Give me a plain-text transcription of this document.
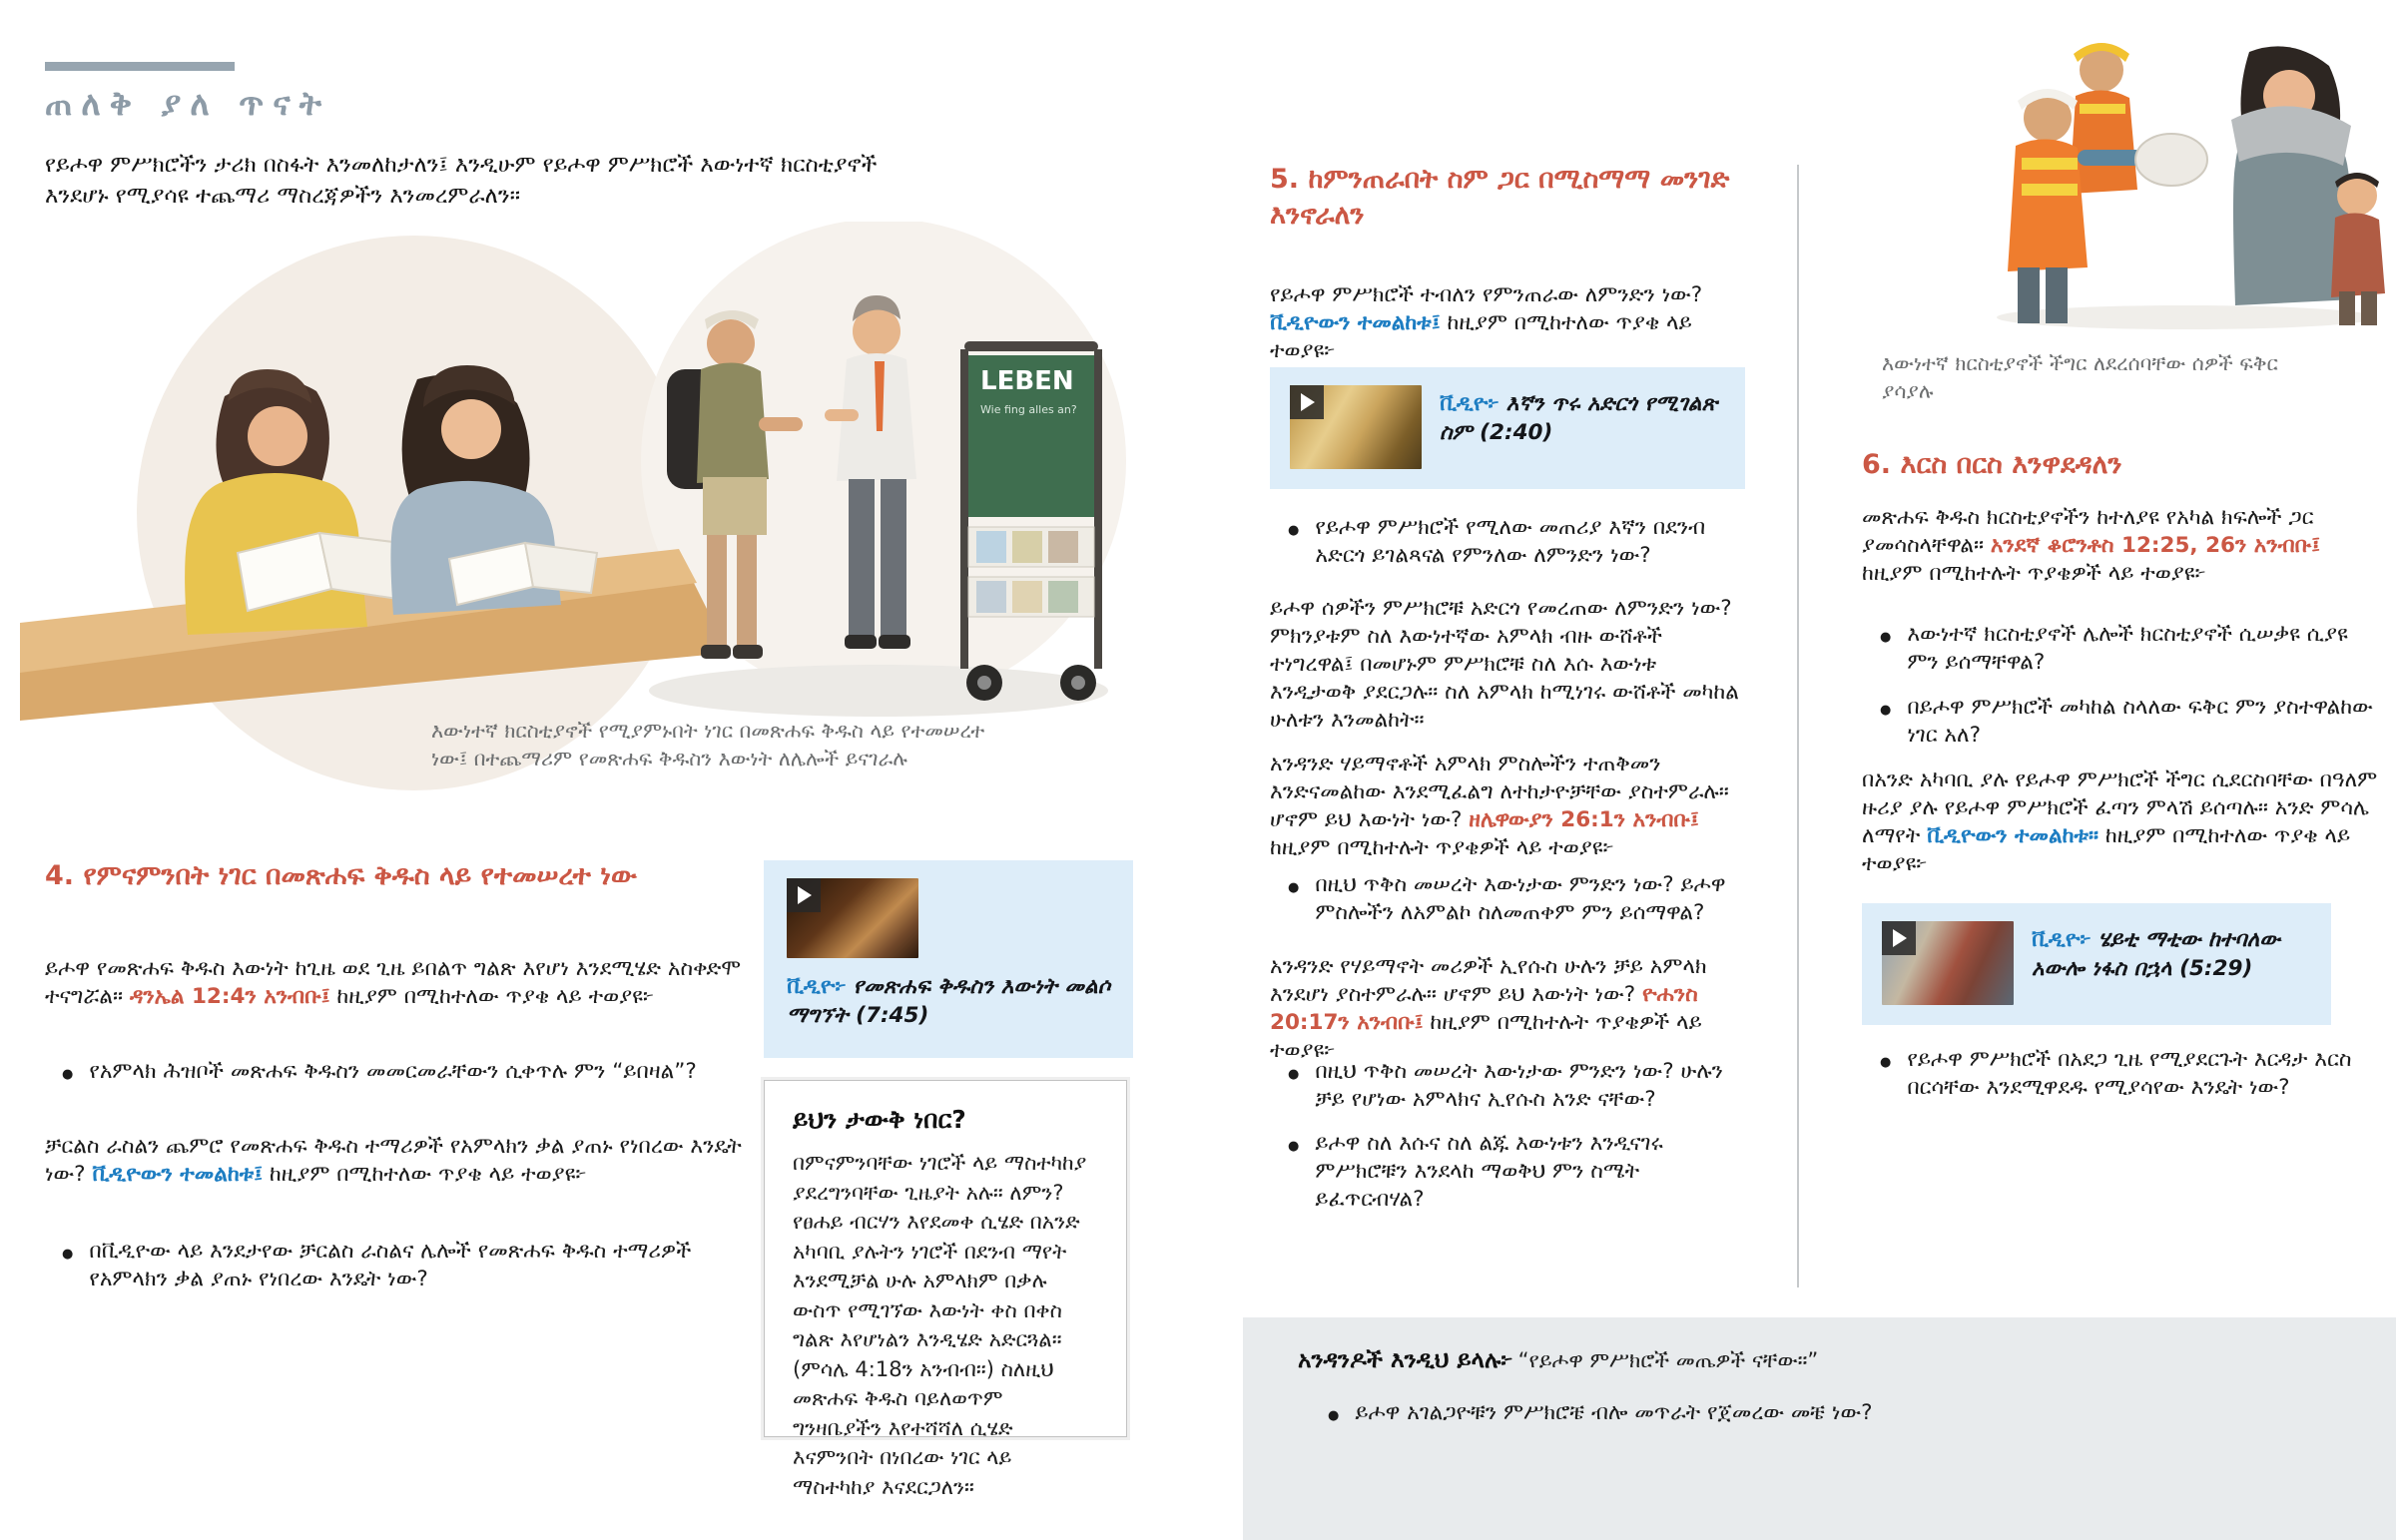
ጠለቅ ያለ ጥናት
የይሖዋ ምሥክሮችን ታሪክ በስፋት እንመለከታለን፤ እንዲሁም የይሖዋ ምሥክሮች እውነተኛ ክርስቲያኖች እንደሆኑ የሚያሳዩ ተጨማሪ ማስረጃዎችን እንመረምራለን።
LEBEN
Wie fing alles an?
እውነተኛ ክርስቲያኖች የሚያምኑበት ነገር በመጽሐፍ ቅዱስ ላይ የተመሠረተ ነው፤ በተጨማሪም የመጽሐፍ ቅዱስን እውነት ለሌሎች ይናገራሉ
4. የምናምንበት ነገር በመጽሐፍ ቅዱስ ላይ የተመሠረተ ነው
ይሖዋ የመጽሐፍ ቅዱስ እውነት ከጊዜ ወደ ጊዜ ይበልጥ ግልጽ እየሆነ እንደሚሄድ አስቀድሞ ተናግሯል። ዳንኤል 12:4ን አንብቡ፤ ከዚያም በሚከተለው ጥያቄ ላይ ተወያዩ፦
●
የአምላክ ሕዝቦች መጽሐፍ ቅዱስን መመርመራቸውን ሲቀጥሉ ምን “ይበዛል”?
ቻርልስ ራስልን ጨምሮ የመጽሐፍ ቅዱስ ተማሪዎች የአምላክን ቃል ያጠኑ የነበረው እንዴት ነው? ቪዲዮውን ተመልከቱ፤ ከዚያም በሚከተለው ጥያቄ ላይ ተወያዩ፦
●
በቪዲዮው ላይ እንደታየው ቻርልስ ራስልና ሌሎች የመጽሐፍ ቅዱስ ተማሪዎች የአምላክን ቃል ያጠኑ የነበረው እንዴት ነው?
ቪዲዮ፦ የመጽሐፍ ቅዱስን እውነት መልሶ ማግኘት (7:45)
ይህን ታውቅ ነበር?
በምናምንባቸው ነገሮች ላይ ማስተካከያ ያደረግንባቸው ጊዜያት አሉ። ለምን? የፀሐይ ብርሃን እየደመቀ ሲሄድ በአንድ አካባቢ ያሉትን ነገሮች በደንብ ማየት እንደሚቻል ሁሉ አምላክም በቃሉ ውስጥ የሚገኘው እውነት ቀስ በቀስ ግልጽ እየሆነልን እንዲሄድ አድርጓል። (ምሳሌ 4:18ን አንብብ።) ስለዚህ መጽሐፍ ቅዱስ ባይለወጥም ግንዛቤያችን እየተሻሻለ ሲሄድ እናምንበት በነበረው ነገር ላይ ማስተካከያ እናደርጋለን።
5. ከምንጠራበት ስም ጋር በሚስማማ መንገድ እንኖራለን
የይሖዋ ምሥክሮች ተብለን የምንጠራው ለምንድን ነው? ቪዲዮውን ተመልከቱ፤ ከዚያም በሚከተለው ጥያቄ ላይ ተወያዩ፦
ቪዲዮ፦ እኛን ጥሩ አድርጎ የሚገልጽ ስም (2:40)
●
የይሖዋ ምሥክሮች የሚለው መጠሪያ እኛን በደንብ አድርጎ ይገልጻናል የምንለው ለምንድን ነው?
ይሖዋ ሰዎችን ምሥክሮቹ አድርጎ የመረጠው ለምንድን ነው? ምክንያቱም ስለ እውነተኛው አምላክ ብዙ ውሸቶች ተነግረዋል፤ በመሆኑም ምሥክሮቹ ስለ እሱ እውነቱ እንዲታወቅ ያደርጋሉ። ስለ አምላክ ከሚነገሩ ውሸቶች መካከል ሁለቱን እንመልከት።
አንዳንድ ሃይማኖቶች አምላክ ምስሎችን ተጠቅመን እንድናመልከው እንደሚፈልግ ለተከታዮቻቸው ያስተምራሉ። ሆኖም ይህ እውነት ነው? ዘሌዋውያን 26:1ን አንብቡ፤ ከዚያም በሚከተሉት ጥያቄዎች ላይ ተወያዩ፦
●
በዚህ ጥቅስ መሠረት እውነታው ምንድን ነው? ይሖዋ ምስሎችን ለአምልኮ ስለመጠቀም ምን ይሰማዋል?
አንዳንድ የሃይማኖት መሪዎች ኢየሱስ ሁሉን ቻይ አምላክ እንደሆነ ያስተምራሉ። ሆኖም ይህ እውነት ነው? ዮሐንስ 20:17ን አንብቡ፤ ከዚያም በሚከተሉት ጥያቄዎች ላይ ተወያዩ፦
●
በዚህ ጥቅስ መሠረት እውነታው ምንድን ነው? ሁሉን ቻይ የሆነው አምላክና ኢየሱስ አንድ ናቸው?
●
ይሖዋ ስለ እሱና ስለ ልጁ እውነቱን እንዲናገሩ ምሥክሮቹን እንደላከ ማወቅህ ምን ስሜት ይፈጥርብሃል?
አንዳንዶች እንዲህ ይላሉ፦ “የይሖዋ ምሥክሮች መጤዎች ናቸው።”
●
ይሖዋ አገልጋዮቹን ምሥክሮቼ ብሎ መጥራት የጀመረው መቼ ነው?
እውነተኛ ክርስቲያኖች ችግር ለደረሰባቸው ሰዎች ፍቅር ያሳያሉ
6. እርስ በርስ እንዋደዳለን
መጽሐፍ ቅዱስ ክርስቲያኖችን ከተለያዩ የአካል ክፍሎች ጋር ያመሳስላቸዋል። አንደኛ ቆሮንቶስ 12:25, 26ን አንብቡ፤ ከዚያም በሚከተሉት ጥያቄዎች ላይ ተወያዩ፦
●
እውነተኛ ክርስቲያኖች ሌሎች ክርስቲያኖች ሲሠቃዩ ሲያዩ ምን ይሰማቸዋል?
●
በይሖዋ ምሥክሮች መካከል ስላለው ፍቅር ምን ያስተዋልከው ነገር አለ?
በአንድ አካባቢ ያሉ የይሖዋ ምሥክሮች ችግር ሲደርስባቸው በዓለም ዙሪያ ያሉ የይሖዋ ምሥክሮች ፈጣን ምላሽ ይሰጣሉ። አንድ ምሳሌ ለማየት ቪዲዮውን ተመልከቱ። ከዚያም በሚከተለው ጥያቄ ላይ ተወያዩ፦
ቪዲዮ፦ ሄይቲ ማቲው ከተባለው አውሎ ነፋስ በኋላ (5:29)
●
የይሖዋ ምሥክሮች በአደጋ ጊዜ የሚያደርጉት እርዳታ እርስ በርሳቸው እንደሚዋደዱ የሚያሳየው እንዴት ነው?
